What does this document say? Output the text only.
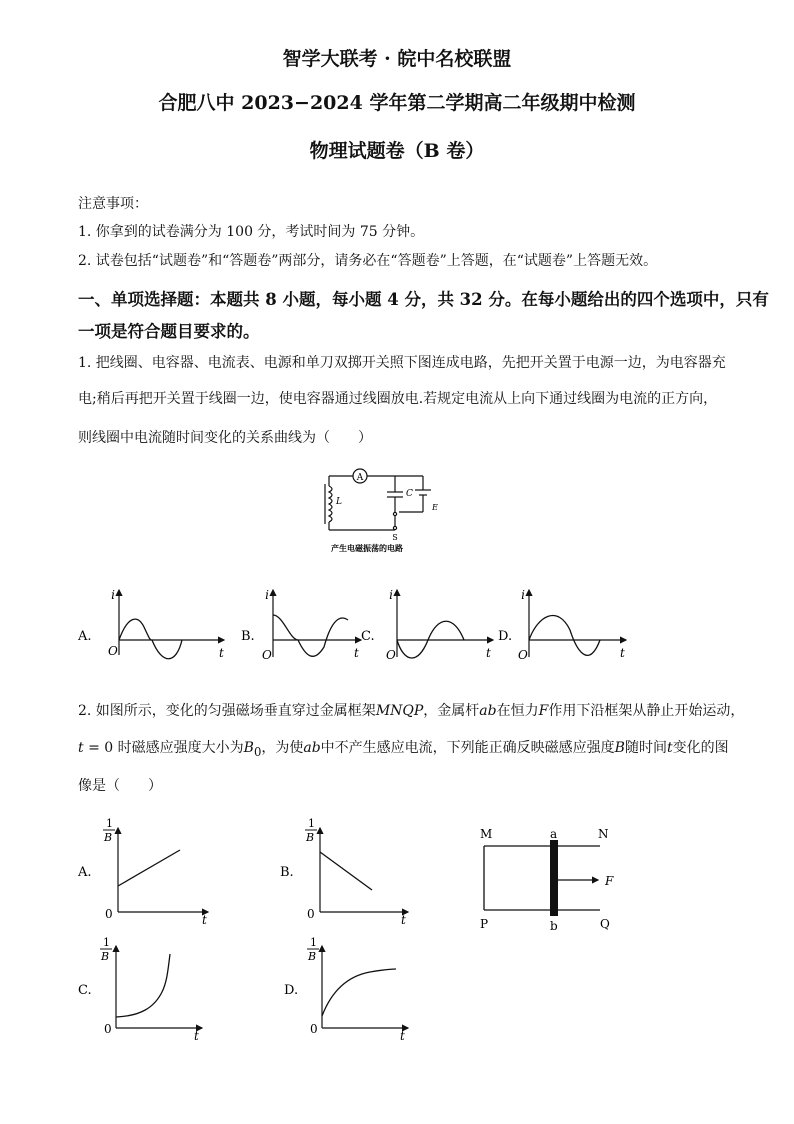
智学大联考 · 皖中名校联盟
合肥八中 2023−2024 学年第二学期高二年级期中检测
物理试题卷（B 卷）
注意事项：
1. 你拿到的试卷满分为 100 分，考试时间为 75 分钟。
2. 试卷包括“试题卷”和“答题卷”两部分，请务必在“答题卷”上答题，在“试题卷”上答题无效。
一、单项选择题：本题共 8 小题，每小题 4 分，共 32 分。在每小题给出的四个选项中，只有
一项是符合题目要求的。
1. 把线圈、电容器、电流表、电源和单刀双掷开关照下图连成电路，先把开关置于电源一边，为电容器充
电;稍后再把开关置于线圈一边，使电容器通过线圈放电.若规定电流从上向下通过线圈为电流的正方向，
则线圈中电流随时间变化的关系曲线为（　　）
A
L
C
E
S
产生电磁振荡的电路
A.
i
t
O
B.
i
t
O
C.
i
t
O
D.
i
t
O
2. 如图所示，变化的匀强磁场垂直穿过金属框架MNQP，金属杆ab在恒力F作用下沿框架从静止开始运动，
t = 0 时磁感应强度大小为$B_0$，为使ab中不产生感应电流，下列能正确反映磁感应强度B随时间t变化的图
像是（　　）
A.
1
B
t
0
B.
1
B
t
0
M	N
P	Q
a
b
F
C.
1
B
t
0
D.
1
B
t
0
